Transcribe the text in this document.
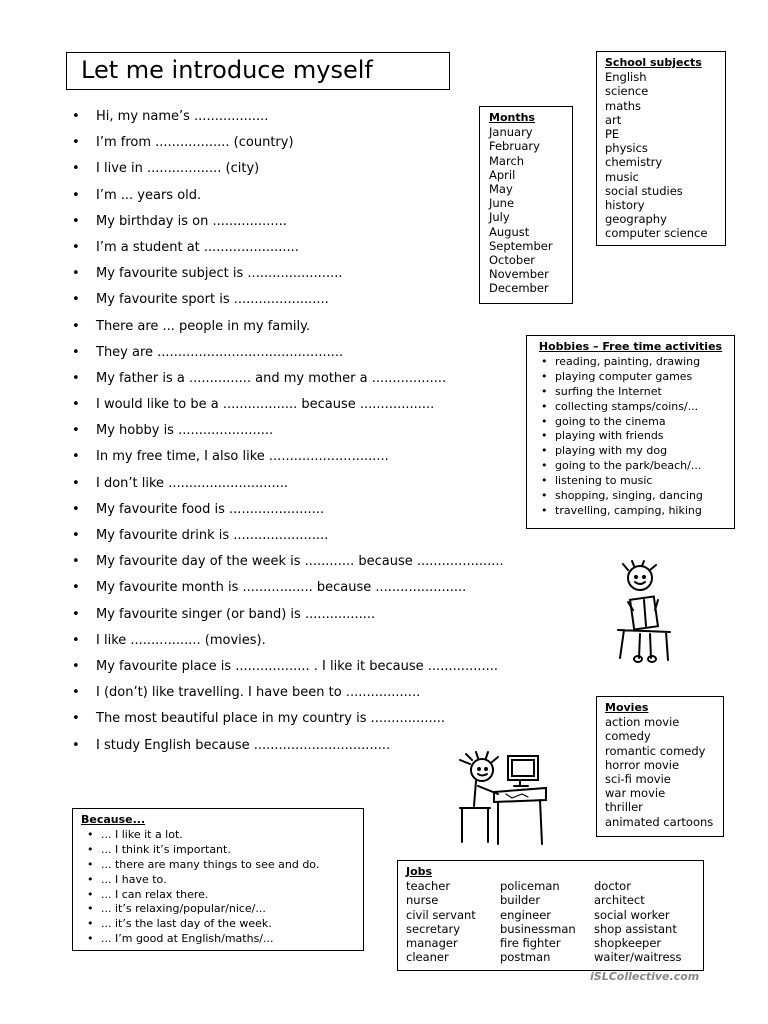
Let me introduce myself
• Hi, my name’s ..................
• I’m from .................. (country)
• I live in .................. (city)
• I’m ... years old.
• My birthday is on ..................
• I’m a student at .......................
• My favourite subject is .......................
• My favourite sport is .......................
• There are ... people in my family.
• They are .............................................
• My father is a ............... and my mother a ..................
• I would like to be a .................. because ..................
• My hobby is .......................
• In my free time, I also like .............................
• I don’t like .............................
• My favourite food is .......................
• My favourite drink is .......................
• My favourite day of the week is ............ because .....................
• My favourite month is ................. because ......................
• My favourite singer (or band) is .................
• I like ................. (movies).
• My favourite place is .................. . I like it because .................
• I (don’t) like travelling. I have been to ..................
• The most beautiful place in my country is ..................
• I study English because .................................
Months
January
February
March
April
May
June
July
August
September
October
November
December
School subjects
English
science
maths
art
PE
physics
chemistry
music
social studies
history
geography
computer science
Hobbies – Free time activities
• reading, painting, drawing
• playing computer games
• surfing the Internet
• collecting stamps/coins/...
• going to the cinema
• playing with friends
• playing with my dog
• going to the park/beach/...
• listening to music
• shopping, singing, dancing
• travelling, camping, hiking
Movies
action movie
comedy
romantic comedy
horror movie
sci-fi movie
war movie
thriller
animated cartoons
Because...
• ... I like it a lot.
• ... I think it’s important.
• ... there are many things to see and do.
• ... I have to.
• ... I can relax there.
• ... it’s relaxing/popular/nice/...
• ... it’s the last day of the week.
• ... I’m good at English/maths/...
Jobs
teacher
nurse
civil servant
secretary
manager
cleaner
policeman
builder
engineer
businessman
fire fighter
postman
doctor
architect
social worker
shop assistant
shopkeeper
waiter/waitress
iSLCollective.com
